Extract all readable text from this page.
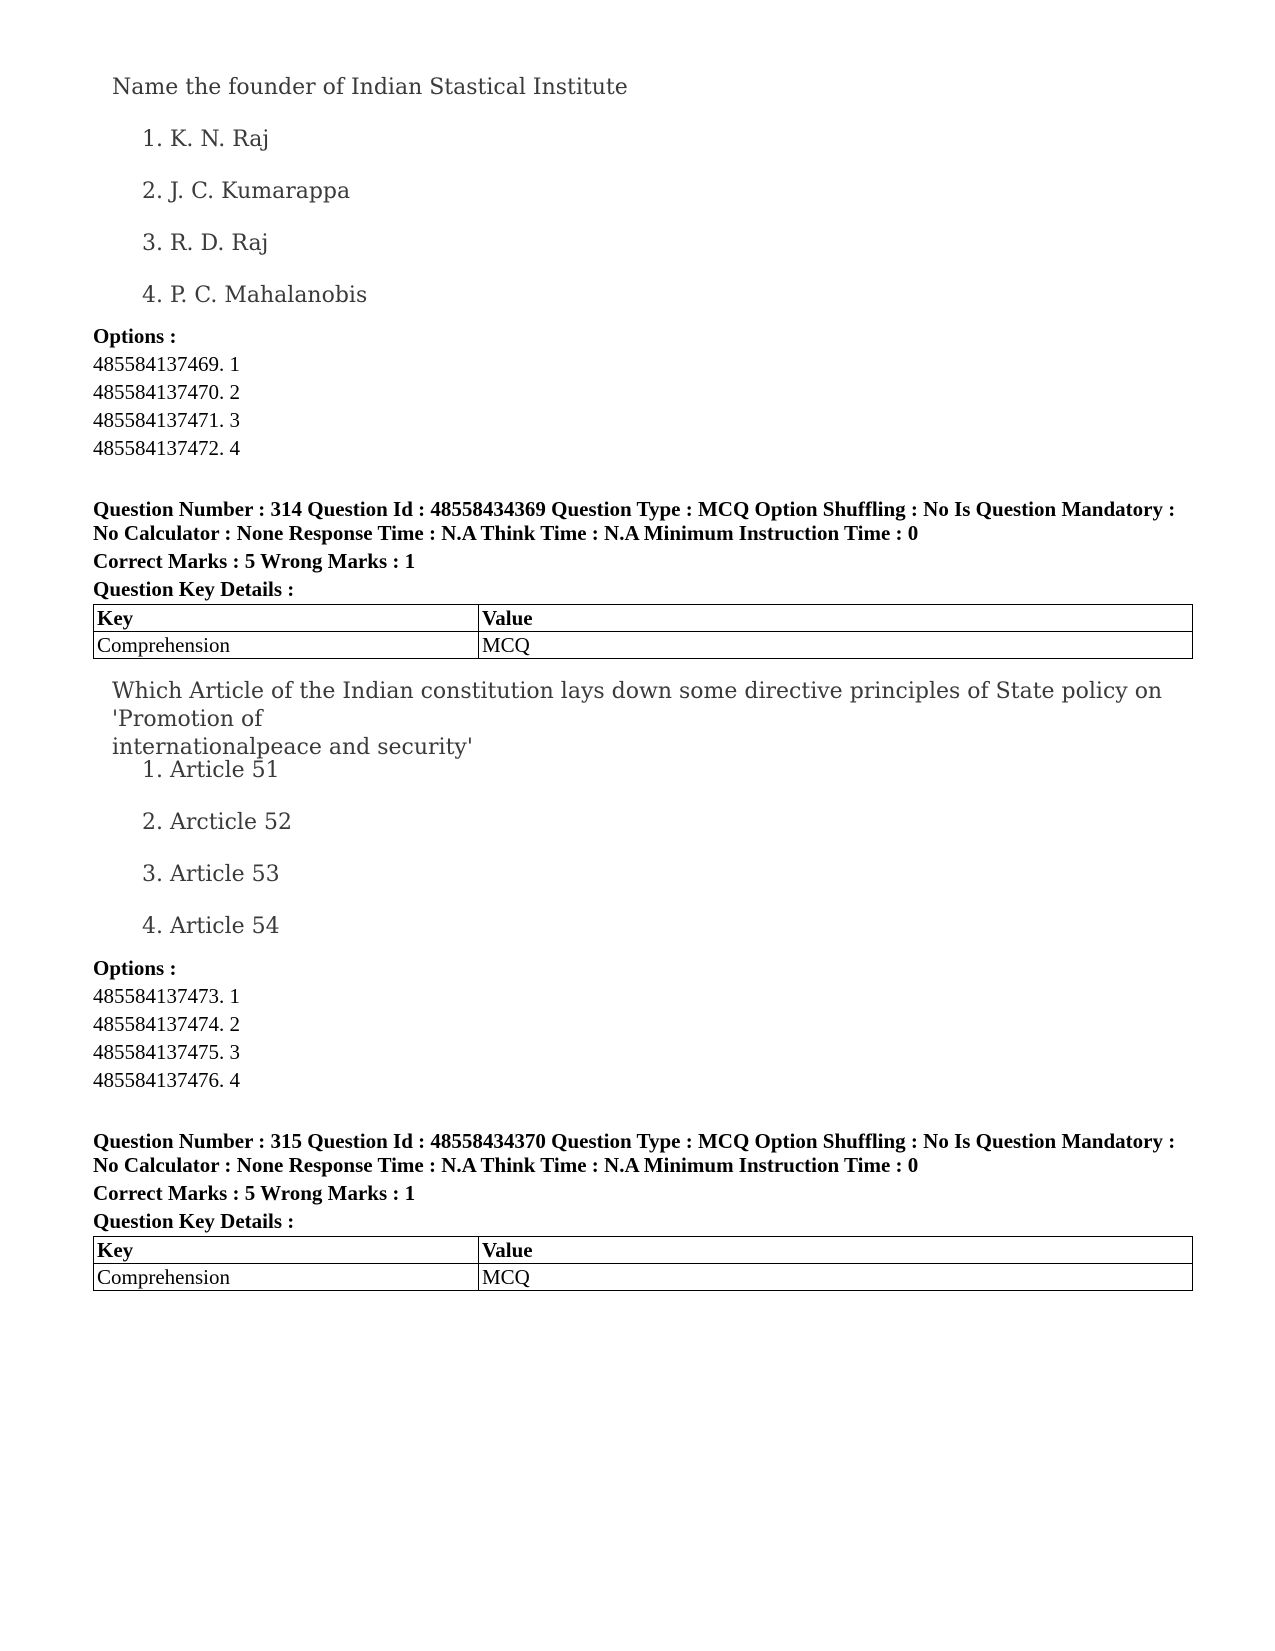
Name the founder of Indian Stastical Institute
1. K. N. Raj
2. J. C. Kumarappa
3. R. D. Raj
4. P. C. Mahalanobis
Options :
485584137469. 1
485584137470. 2
485584137471. 3
485584137472. 4
Question Number : 314 Question Id : 48558434369 Question Type : MCQ Option Shuffling : No Is Question Mandatory :
No Calculator : None Response Time : N.A Think Time : N.A Minimum Instruction Time : 0
Correct Marks : 5 Wrong Marks : 1
Question Key Details :
Key	Value
Comprehension	MCQ
Which Article of the Indian constitution lays down some directive principles of State policy on 'Promotion of
internationalpeace and security'
1. Article 51
2. Arcticle 52
3. Article 53
4. Article 54
Options :
485584137473. 1
485584137474. 2
485584137475. 3
485584137476. 4
Question Number : 315 Question Id : 48558434370 Question Type : MCQ Option Shuffling : No Is Question Mandatory :
No Calculator : None Response Time : N.A Think Time : N.A Minimum Instruction Time : 0
Correct Marks : 5 Wrong Marks : 1
Question Key Details :
Key	Value
Comprehension	MCQ
